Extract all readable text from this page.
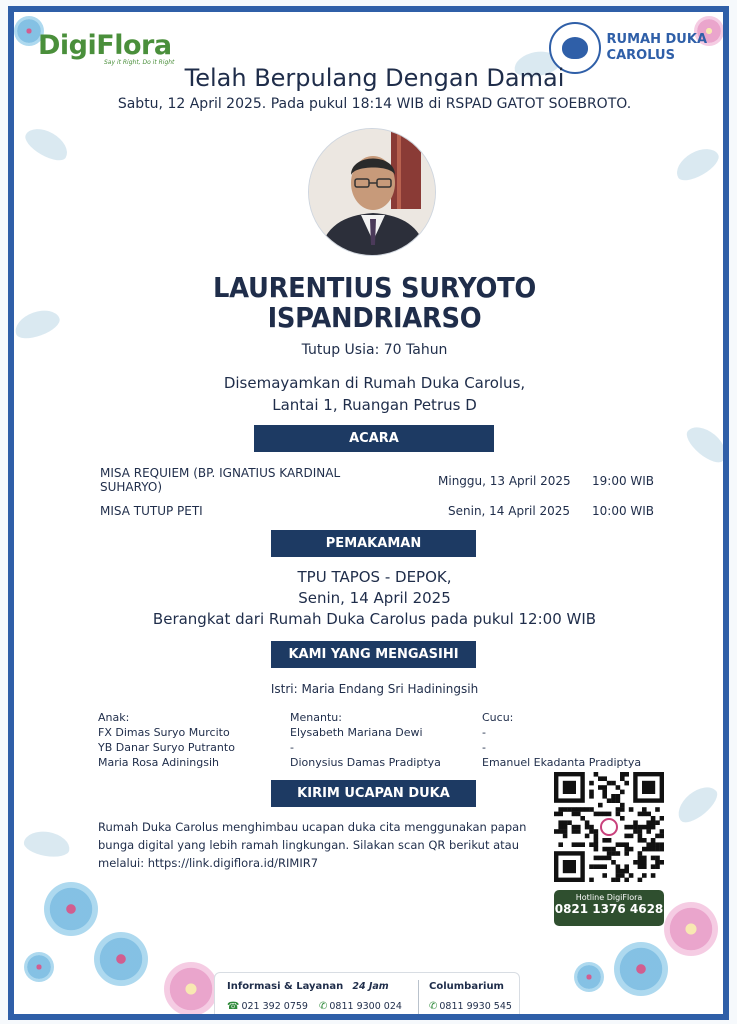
DigiFlora
Say it Right, Do it Right
RUMAH DUKA
CAROLUS
Telah Berpulang Dengan Damai
Sabtu, 12 April 2025. Pada pukul 18:14 WIB di RSPAD GATOT SOEBROTO.
LAURENTIUS SURYOTO
ISPANDRIARSO
Tutup Usia: 70 Tahun
Disemayamkan di Rumah Duka Carolus,
Lantai 1, Ruangan Petrus D
ACARA
MISA REQUIEM (BP. IGNATIUS KARDINAL
SUHARYO)	Minggu, 13 April 2025 19:00 WIB
MISA TUTUP PETI	Senin, 14 April 2025 10:00 WIB
PEMAKAMAN
TPU TAPOS - DEPOK,
Senin, 14 April 2025
Berangkat dari Rumah Duka Carolus pada pukul 12:00 WIB
KAMI YANG MENGASIHI
Istri: Maria Endang Sri Hadiningsih
Anak:
FX Dimas Suryo Murcito
YB Danar Suryo Putranto
Maria Rosa Adiningsih
Menantu:
Elysabeth Mariana Dewi
-
Dionysius Damas Pradiptya
Cucu:
-
-
Emanuel Ekadanta Pradiptya
KIRIM UCAPAN DUKA
Rumah Duka Carolus menghimbau ucapan duka cita menggunakan papan
bunga digital yang lebih ramah lingkungan. Silakan scan QR berikut atau
melalui: https://link.digiflora.id/RIMIR7
Hotline DigiFlora
0821 1376 4628
Informasi & Layanan 24 Jam
☎ 021 392 0759 ✆ 0811 9300 024
Columbarium
✆ 0811 9930 545
